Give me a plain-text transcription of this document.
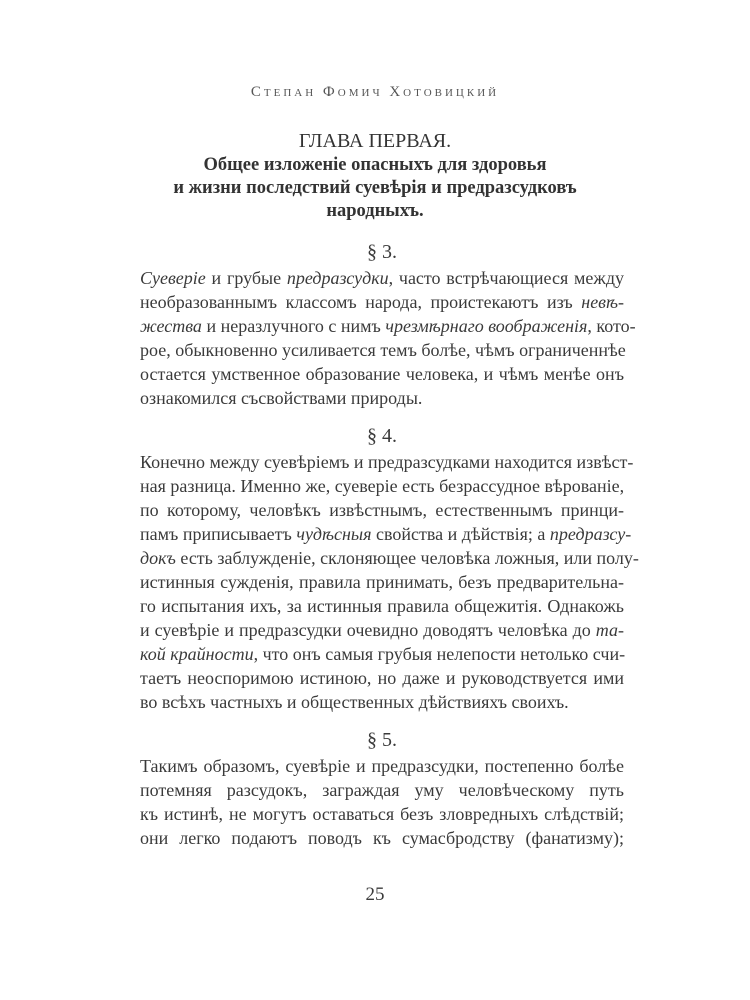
Степан Фомич Хотовицкий
ГЛАВА ПЕРВАЯ.
Общее изложенiе опасныхъ для здоровья
и жизни последствий суевѣрiя и предразсудковъ
народныхъ.
§ 3.
Суеверiе и грубые предразсудки, часто встрѣчающиеся между
необразованнымъ классомъ народа, проистекаютъ изъ невѣ-
жества и неразлучного с нимъ чрезмѣрнаго воображенiя, кото-
рое, обыкновенно усиливается темъ болѣе, чѣмъ ограниченнѣе
остается умственное образование человека, и чѣмъ менѣе онъ
ознакомился съсвойствами природы.
§ 4.
Конечно между суевѣрiемъ и предразсудками находится извѣст-
ная разница. Именно же, суеверiе есть безрассудное вѣрованiе,
по которому, человѣкъ извѣстнымъ, естественнымъ принци-
памъ приписываетъ чудѣсныя свойства и дѣйствiя; а предразсу-
докъ есть заблужденiе, склоняющее человѣка ложныя, или полу-
истинныя сужденiя, правила принимать, безъ предварительна-
го испытания ихъ, за истинныя правила общежитiя. Однакожь
и суевѣрiе и предразсудки очевидно доводятъ человѣка до та-
кой крайности, что онъ самыя грубыя нелепости нетолько счи-
таетъ неоспоримою истиною, но даже и руководствуется ими
во всѣхъ частныхъ и общественных дѣйствияхъ своихъ.
§ 5.
Такимъ образомъ, суевѣрiе и предразсудки, постепенно болѣе
потемняя разсудокъ, заграждая уму человѣческому путь
къ истинѣ, не могутъ оставаться безъ зловредныхъ слѣдствiй;
они легко подаютъ поводъ къ сумасбродству (фанатизму);
25
